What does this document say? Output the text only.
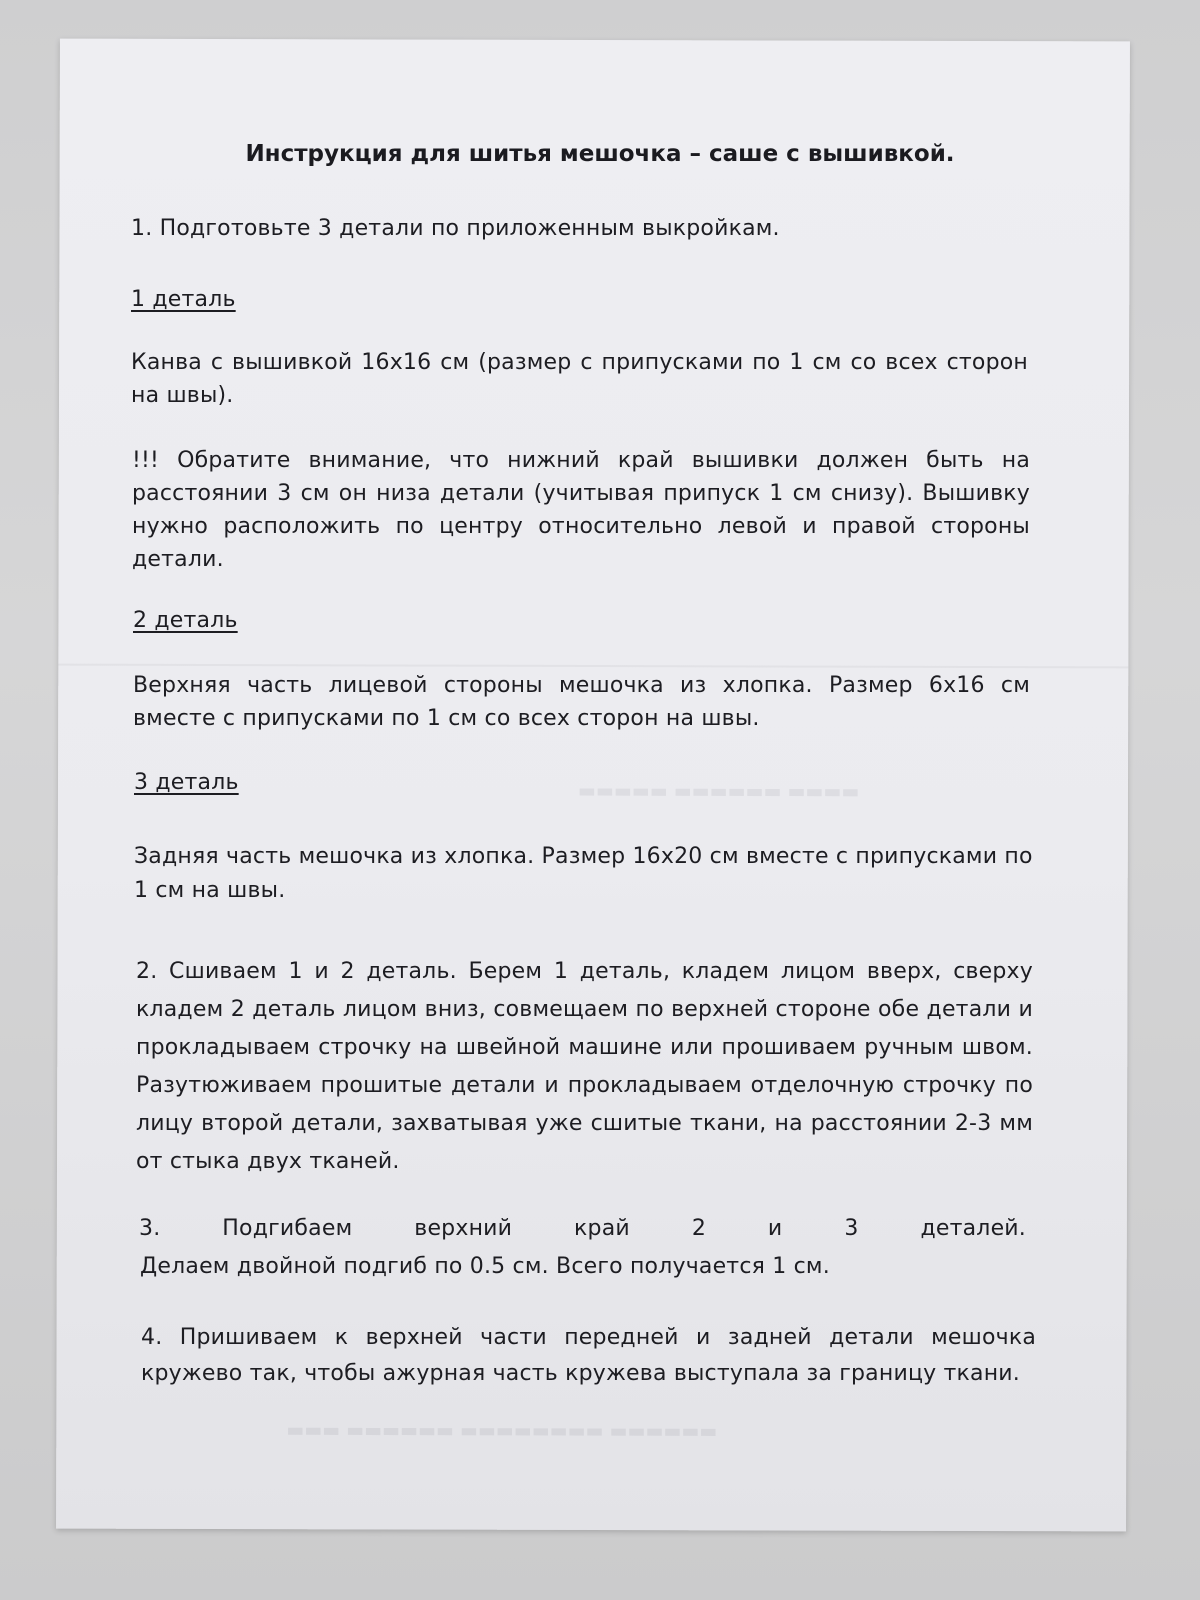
▬▬▬▬ ▬▬▬▬▬▬ ▬▬▬▬▬
▬▬▬▬▬▬ ▬▬▬▬▬▬▬▬ ▬▬▬▬▬▬ ▬▬▬
Инструкция для шитья мешочка – саше с вышивкой.

1. Подготовьте 3 детали по приложенным выкройкам.

1 деталь

Канва с вышивкой 16х16 см (размер с припусками по 1 см со всех сторон на швы).

!!! Обратите внимание, что нижний край вышивки должен быть на расстоянии 3 см он низа детали (учитывая припуск 1 см снизу). Вышивку нужно расположить по центру относительно левой и правой стороны детали.

2 деталь

Верхняя часть лицевой стороны мешочка из хлопка. Размер 6х16 см вместе с припусками по 1 см со всех сторон на швы.

3 деталь

Задняя часть мешочка из хлопка. Размер 16х20 см вместе с припусками по 1 см на швы.

2. Сшиваем 1 и 2 деталь. Берем 1 деталь, кладем лицом вверх, сверху кладем 2 деталь лицом вниз, совмещаем по верхней стороне обе детали и прокладываем строчку на швейной машине или прошиваем ручным швом. Разутюживаем прошитые детали и прокладываем отделочную строчку по лицу второй детали, захватывая уже сшитые ткани, на расстоянии 2-3 мм от стыка двух тканей.

3. Подгибаем верхний край 2 и 3 деталей.

Делаем двойной подгиб по 0.5 см. Всего получается 1 см.

4. Пришиваем к верхней части передней и задней детали мешочка кружево так, чтобы ажурная часть кружева выступала за границу ткани.
